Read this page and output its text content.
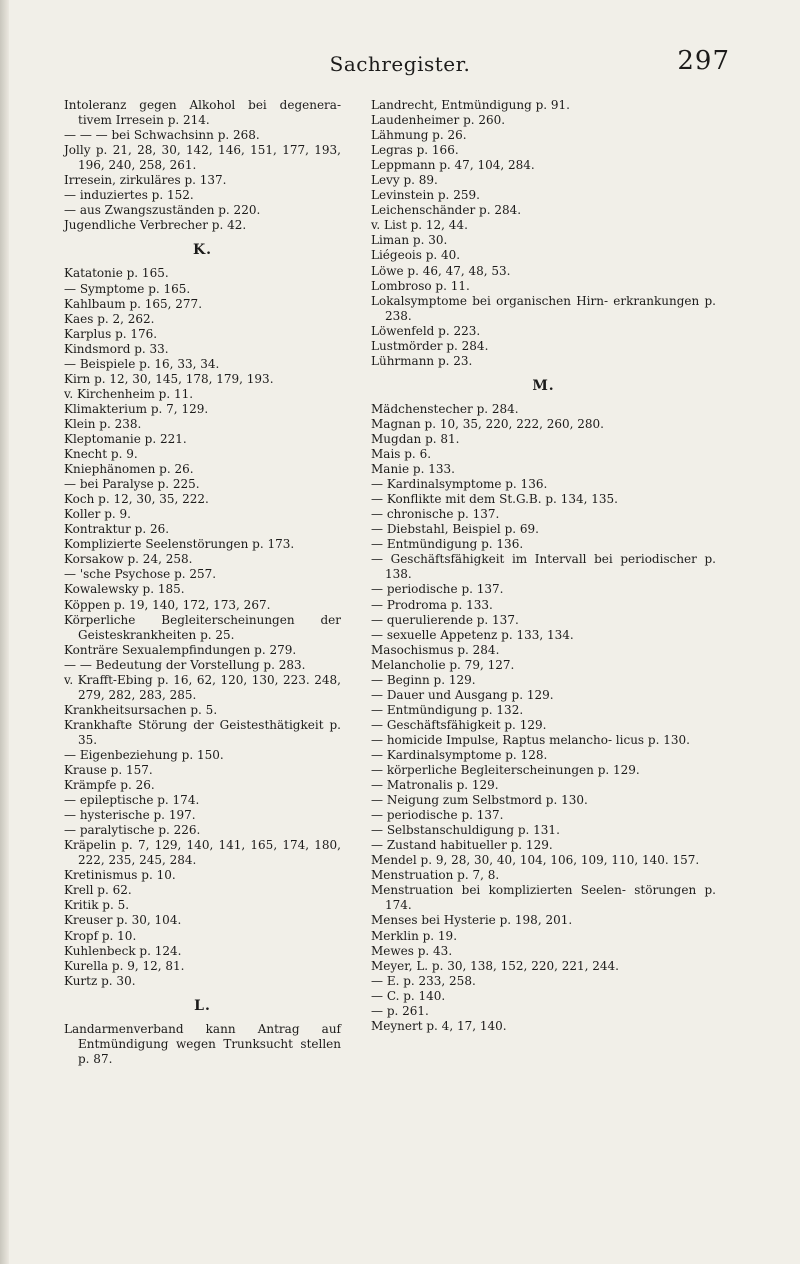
Sachregister.	297
Intoleranz gegen Alkohol bei degenera- tivem Irresein p. 214.
— — — bei Schwachsinn p. 268.
Jolly p. 21, 28, 30, 142, 146, 151, 177, 193, 196, 240, 258, 261.
Irresein, zirkuläres p. 137.
— induziertes p. 152.
— aus Zwangszuständen p. 220.
Jugendliche Verbrecher p. 42.
K.
Katatonie p. 165.
— Symptome p. 165.
Kahlbaum p. 165, 277.
Kaes p. 2, 262.
Karplus p. 176.
Kindsmord p. 33.
— Beispiele p. 16, 33, 34.
Kirn p. 12, 30, 145, 178, 179, 193.
v. Kirchenheim p. 11.
Klimakterium p. 7, 129.
Klein p. 238.
Kleptomanie p. 221.
Knecht p. 9.
Kniephänomen p. 26.
— bei Paralyse p. 225.
Koch p. 12, 30, 35, 222.
Koller p. 9.
Kontraktur p. 26.
Komplizierte Seelenstörungen p. 173.
Korsakow p. 24, 258.
— 'sche Psychose p. 257.
Kowalewsky p. 185.
Köppen p. 19, 140, 172, 173, 267.
Körperliche Begleiterscheinungen der Geisteskrankheiten p. 25.
Konträre Sexualempfindungen p. 279.
— — Bedeutung der Vorstellung p. 283.
v. Krafft-Ebing p. 16, 62, 120, 130, 223. 248, 279, 282, 283, 285.
Krankheitsursachen p. 5.
Krankhafte Störung der Geistesthätigkeit p. 35.
— Eigenbeziehung p. 150.
Krause p. 157.
Krämpfe p. 26.
— epileptische p. 174.
— hysterische p. 197.
— paralytische p. 226.
Kräpelin p. 7, 129, 140, 141, 165, 174, 180, 222, 235, 245, 284.
Kretinismus p. 10.
Krell p. 62.
Kritik p. 5.
Kreuser p. 30, 104.
Kropf p. 10.
Kuhlenbeck p. 124.
Kurella p. 9, 12, 81.
Kurtz p. 30.
L.
Landarmenverband kann Antrag auf Entmündigung wegen Trunksucht stellen p. 87.
Landrecht, Entmündigung p. 91.
Laudenheimer p. 260.
Lähmung p. 26.
Legras p. 166.
Leppmann p. 47, 104, 284.
Levy p. 89.
Levinstein p. 259.
Leichenschänder p. 284.
v. List p. 12, 44.
Liman p. 30.
Liégeois p. 40.
Löwe p. 46, 47, 48, 53.
Lombroso p. 11.
Lokalsymptome bei organischen Hirn- erkrankungen p. 238.
Löwenfeld p. 223.
Lustmörder p. 284.
Lührmann p. 23.
M.
Mädchenstecher p. 284.
Magnan p. 10, 35, 220, 222, 260, 280.
Mugdan p. 81.
Mais p. 6.
Manie p. 133.
— Kardinalsymptome p. 136.
— Konflikte mit dem St.G.B. p. 134, 135.
— chronische p. 137.
— Diebstahl, Beispiel p. 69.
— Entmündigung p. 136.
— Geschäftsfähigkeit im Intervall bei periodischer p. 138.
— periodische p. 137.
— Prodroma p. 133.
— querulierende p. 137.
— sexuelle Appetenz p. 133, 134.
Masochismus p. 284.
Melancholie p. 79, 127.
— Beginn p. 129.
— Dauer und Ausgang p. 129.
— Entmündigung p. 132.
— Geschäftsfähigkeit p. 129.
— homicide Impulse, Raptus melancho- licus p. 130.
— Kardinalsymptome p. 128.
— körperliche Begleiterscheinungen p. 129.
— Matronalis p. 129.
— Neigung zum Selbstmord p. 130.
— periodische p. 137.
— Selbstanschuldigung p. 131.
— Zustand habitueller p. 129.
Mendel p. 9, 28, 30, 40, 104, 106, 109, 110, 140. 157.
Menstruation p. 7, 8.
Menstruation bei komplizierten Seelen- störungen p. 174.
Menses bei Hysterie p. 198, 201.
Merklin p. 19.
Mewes p. 43.
Meyer, L. p. 30, 138, 152, 220, 221, 244.
— E. p. 233, 258.
— C. p. 140.
— p. 261.
Meynert p. 4, 17, 140.
